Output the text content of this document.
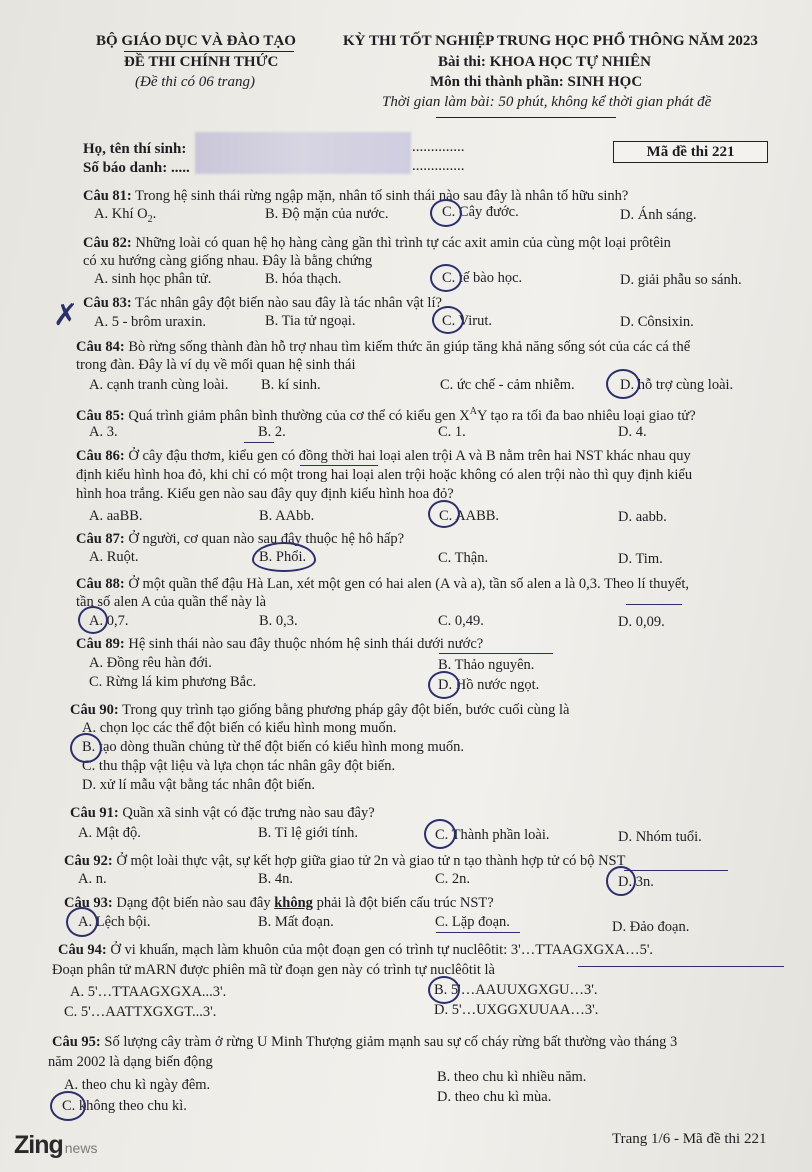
BỘ GIÁO DỤC VÀ ĐÀO TẠO
ĐỀ THI CHÍNH THỨC
(Đề thi có 06 trang)
KỲ THI TỐT NGHIỆP TRUNG HỌC PHỔ THÔNG NĂM 2023
Bài thi: KHOA HỌC TỰ NHIÊN
Môn thi thành phần: SINH HỌC
Thời gian làm bài: 50 phút, không kể thời gian phát đề
Họ, tên thí sinh:
Số báo danh: .....
..............
..............
Mã đề thi 221
Câu 81: Trong hệ sinh thái rừng ngập mặn, nhân tố sinh thái nào sau đây là nhân tố hữu sinh?
A. Khí $O_2$.	B. Độ mặn của nước.	C. Cây đước.	D. Ánh sáng.
Câu 82: Những loài có quan hệ họ hàng càng gần thì trình tự các axit amin của cùng một loại prôtêin
có xu hướng càng giống nhau. Đây là bằng chứng
A. sinh học phân tử.	B. hóa thạch.	C. tế bào học.	D. giải phẫu so sánh.
✗ Câu 83: Tác nhân gây đột biến nào sau đây là tác nhân vật lí?
A. 5 - brôm uraxin.	B. Tia tử ngoại.	C. Virut.	D. Cônsixin.
Câu 84: Bò rừng sống thành đàn hỗ trợ nhau tìm kiếm thức ăn giúp tăng khả năng sống sót của các cá thể
trong đàn. Đây là ví dụ về mối quan hệ sinh thái
A. cạnh tranh cùng loài. B. kí sinh.	C. ức chế - cảm nhiễm.	D. hỗ trợ cùng loài.
Câu 85: Quá trình giảm phân bình thường của cơ thể có kiểu gen $X^AY$ tạo ra tối đa bao nhiêu loại giao tử?
A. 3.	B. 2.	C. 1.	D. 4.
Câu 86: Ở cây đậu thơm, kiểu gen có đồng thời hai loại alen trội A và B nằm trên hai NST khác nhau quy
định kiểu hình hoa đỏ, khi chỉ có một trong hai loại alen trội hoặc không có alen trội nào thì quy định kiểu
hình hoa trắng. Kiểu gen nào sau đây quy định kiểu hình hoa đỏ?
A. aaBB.	B. AAbb.	C. AABB.	D. aabb.
Câu 87: Ở người, cơ quan nào sau đây thuộc hệ hô hấp?
A. Ruột.	B. Phổi.	C. Thận.	D. Tim.
Câu 88: Ở một quần thể đậu Hà Lan, xét một gen có hai alen (A và a), tần số alen a là 0,3. Theo lí thuyết,
tần số alen A của quần thể này là
A. 0,7.	B. 0,3.	C. 0,49.	D. 0,09.
Câu 89: Hệ sinh thái nào sau đây thuộc nhóm hệ sinh thái dưới nước?
A. Đồng rêu hàn đới.	B. Thảo nguyên.
C. Rừng lá kim phương Bắc.	D. Hồ nước ngọt.
Câu 90: Trong quy trình tạo giống bằng phương pháp gây đột biến, bước cuối cùng là
A. chọn lọc các thể đột biến có kiểu hình mong muốn.
B. tạo dòng thuần chủng từ thể đột biến có kiểu hình mong muốn.
C. thu thập vật liệu và lựa chọn tác nhân gây đột biến.
D. xử lí mẫu vật bằng tác nhân đột biến.
Câu 91: Quần xã sinh vật có đặc trưng nào sau đây?
A. Mật độ.	B. Tỉ lệ giới tính.	C. Thành phần loài.	D. Nhóm tuổi.
Câu 92: Ở một loài thực vật, sự kết hợp giữa giao tử 2n và giao tử n tạo thành hợp tử có bộ NST
A. n.	B. 4n.	C. 2n.	D. 3n.
Câu 93: Dạng đột biến nào sau đây không phải là đột biến cấu trúc NST?
A. Lệch bội.	B. Mất đoạn.	C. Lặp đoạn.	D. Đảo đoạn.
Câu 94: Ở vi khuẩn, mạch làm khuôn của một đoạn gen có trình tự nuclêôtit: 3'…TTAAGXGXA…5'.
Đoạn phân tử mARN được phiên mã từ đoạn gen này có trình tự nuclêôtit là
A. 5'…TTAAGXGXA...3'.	B. 5'…AAUUXGXGU…3'.
C. 5'…AATTXGXGT...3'.	D. 5'…UXGGXUUAA…3'.
Câu 95: Số lượng cây tràm ở rừng U Minh Thượng giảm mạnh sau sự cố cháy rừng bất thường vào tháng 3
năm 2002 là dạng biến động
A. theo chu kì ngày đêm.	B. theo chu kì nhiều năm.
C. không theo chu kì.
D. theo chu kì mùa.
Zing news
Trang 1/6 - Mã đề thi 221
